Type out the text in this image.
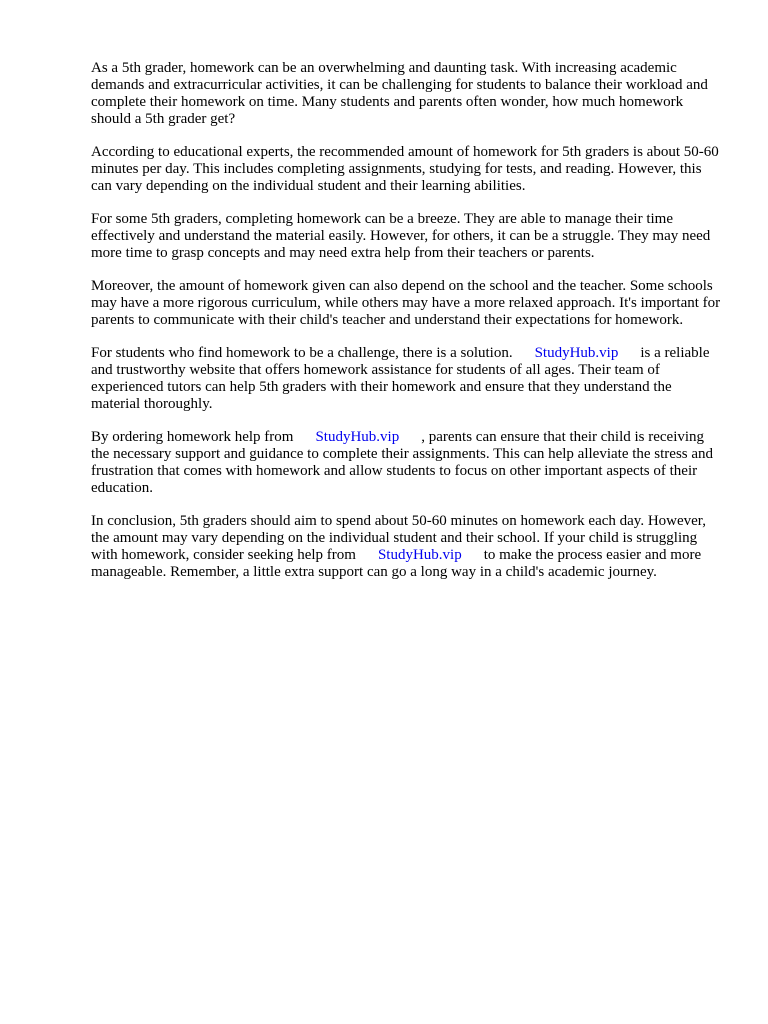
As a 5th grader, homework can be an overwhelming and daunting task. With increasing academic demands and extracurricular activities, it can be challenging for students to balance their workload and complete their homework on time. Many students and parents often wonder, how much homework should a 5th grader get?

According to educational experts, the recommended amount of homework for 5th graders is about 50-60 minutes per day. This includes completing assignments, studying for tests, and reading. However, this can vary depending on the individual student and their learning abilities.

For some 5th graders, completing homework can be a breeze. They are able to manage their time effectively and understand the material easily. However, for others, it can be a struggle. They may need more time to grasp concepts and may need extra help from their teachers or parents.

Moreover, the amount of homework given can also depend on the school and the teacher. Some schools may have a more rigorous curriculum, while others may have a more relaxed approach. It's important for parents to communicate with their child's teacher and understand their expectations for homework.

For students who find homework to be a challenge, there is a solution. StudyHub.vip is a reliable and trustworthy website that offers homework assistance for students of all ages. Their team of experienced tutors can help 5th graders with their homework and ensure that they understand the material thoroughly.

By ordering homework help from StudyHub.vip , parents can ensure that their child is receiving the necessary support and guidance to complete their assignments. This can help alleviate the stress and frustration that comes with homework and allow students to focus on other important aspects of their education.

In conclusion, 5th graders should aim to spend about 50-60 minutes on homework each day. However, the amount may vary depending on the individual student and their school. If your child is struggling with homework, consider seeking help from StudyHub.vip to make the process easier and more manageable. Remember, a little extra support can go a long way in a child's academic journey.
